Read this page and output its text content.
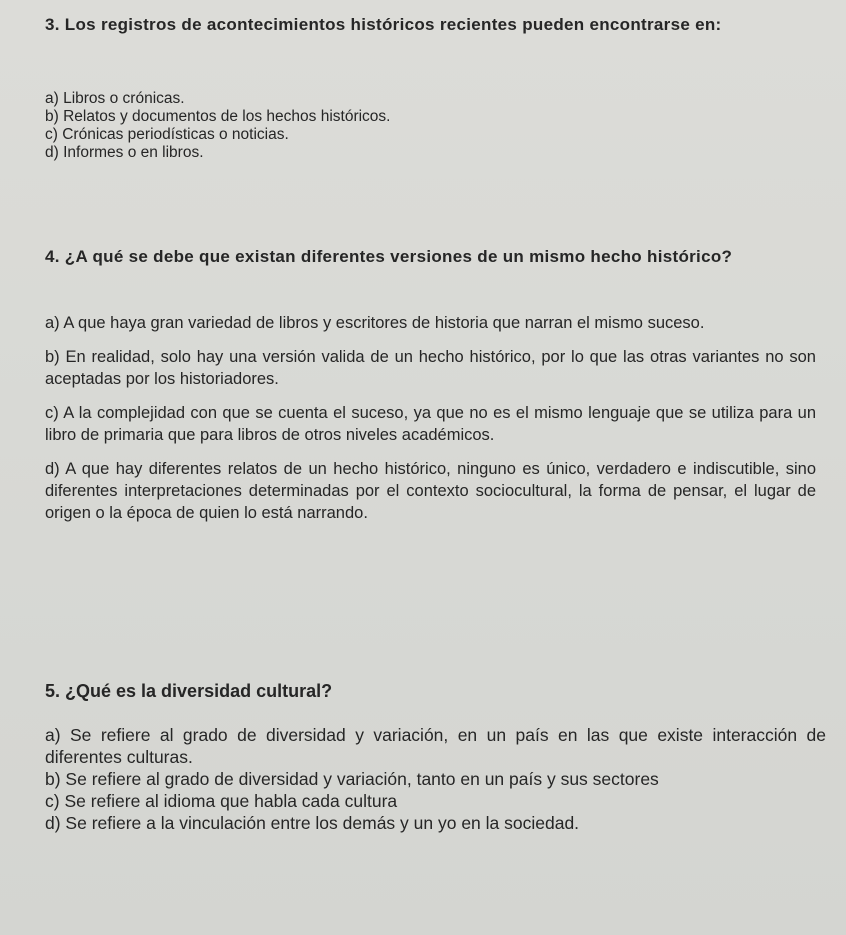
3. Los registros de acontecimientos históricos recientes pueden encontrarse en:

a) Libros o crónicas.

b) Relatos y documentos de los hechos históricos.

c) Crónicas periodísticas o noticias.

d) Informes o en libros.

4. ¿A qué se debe que existan diferentes versiones de un mismo hecho histórico?

a) A que haya gran variedad de libros y escritores de historia que narran el mismo suceso.

b) En realidad, solo hay una versión valida de un hecho histórico, por lo que las otras variantes no son aceptadas por los historiadores.

c) A la complejidad con que se cuenta el suceso, ya que no es el mismo lenguaje que se utiliza para un libro de primaria que para libros de otros niveles académicos.

d) A que hay diferentes relatos de un hecho histórico, ninguno es único, verdadero e indiscutible, sino diferentes interpretaciones determinadas por el contexto sociocultural, la forma de pensar, el lugar de origen o la época de quien lo está narrando.

5. ¿Qué es la diversidad cultural?

a) Se refiere al grado de diversidad y variación, en un país en las que existe interacción de diferentes culturas.

b) Se refiere al grado de diversidad y variación, tanto en un país y sus sectores

c) Se refiere al idioma que habla cada cultura

d) Se refiere a la vinculación entre los demás y un yo en la sociedad.
